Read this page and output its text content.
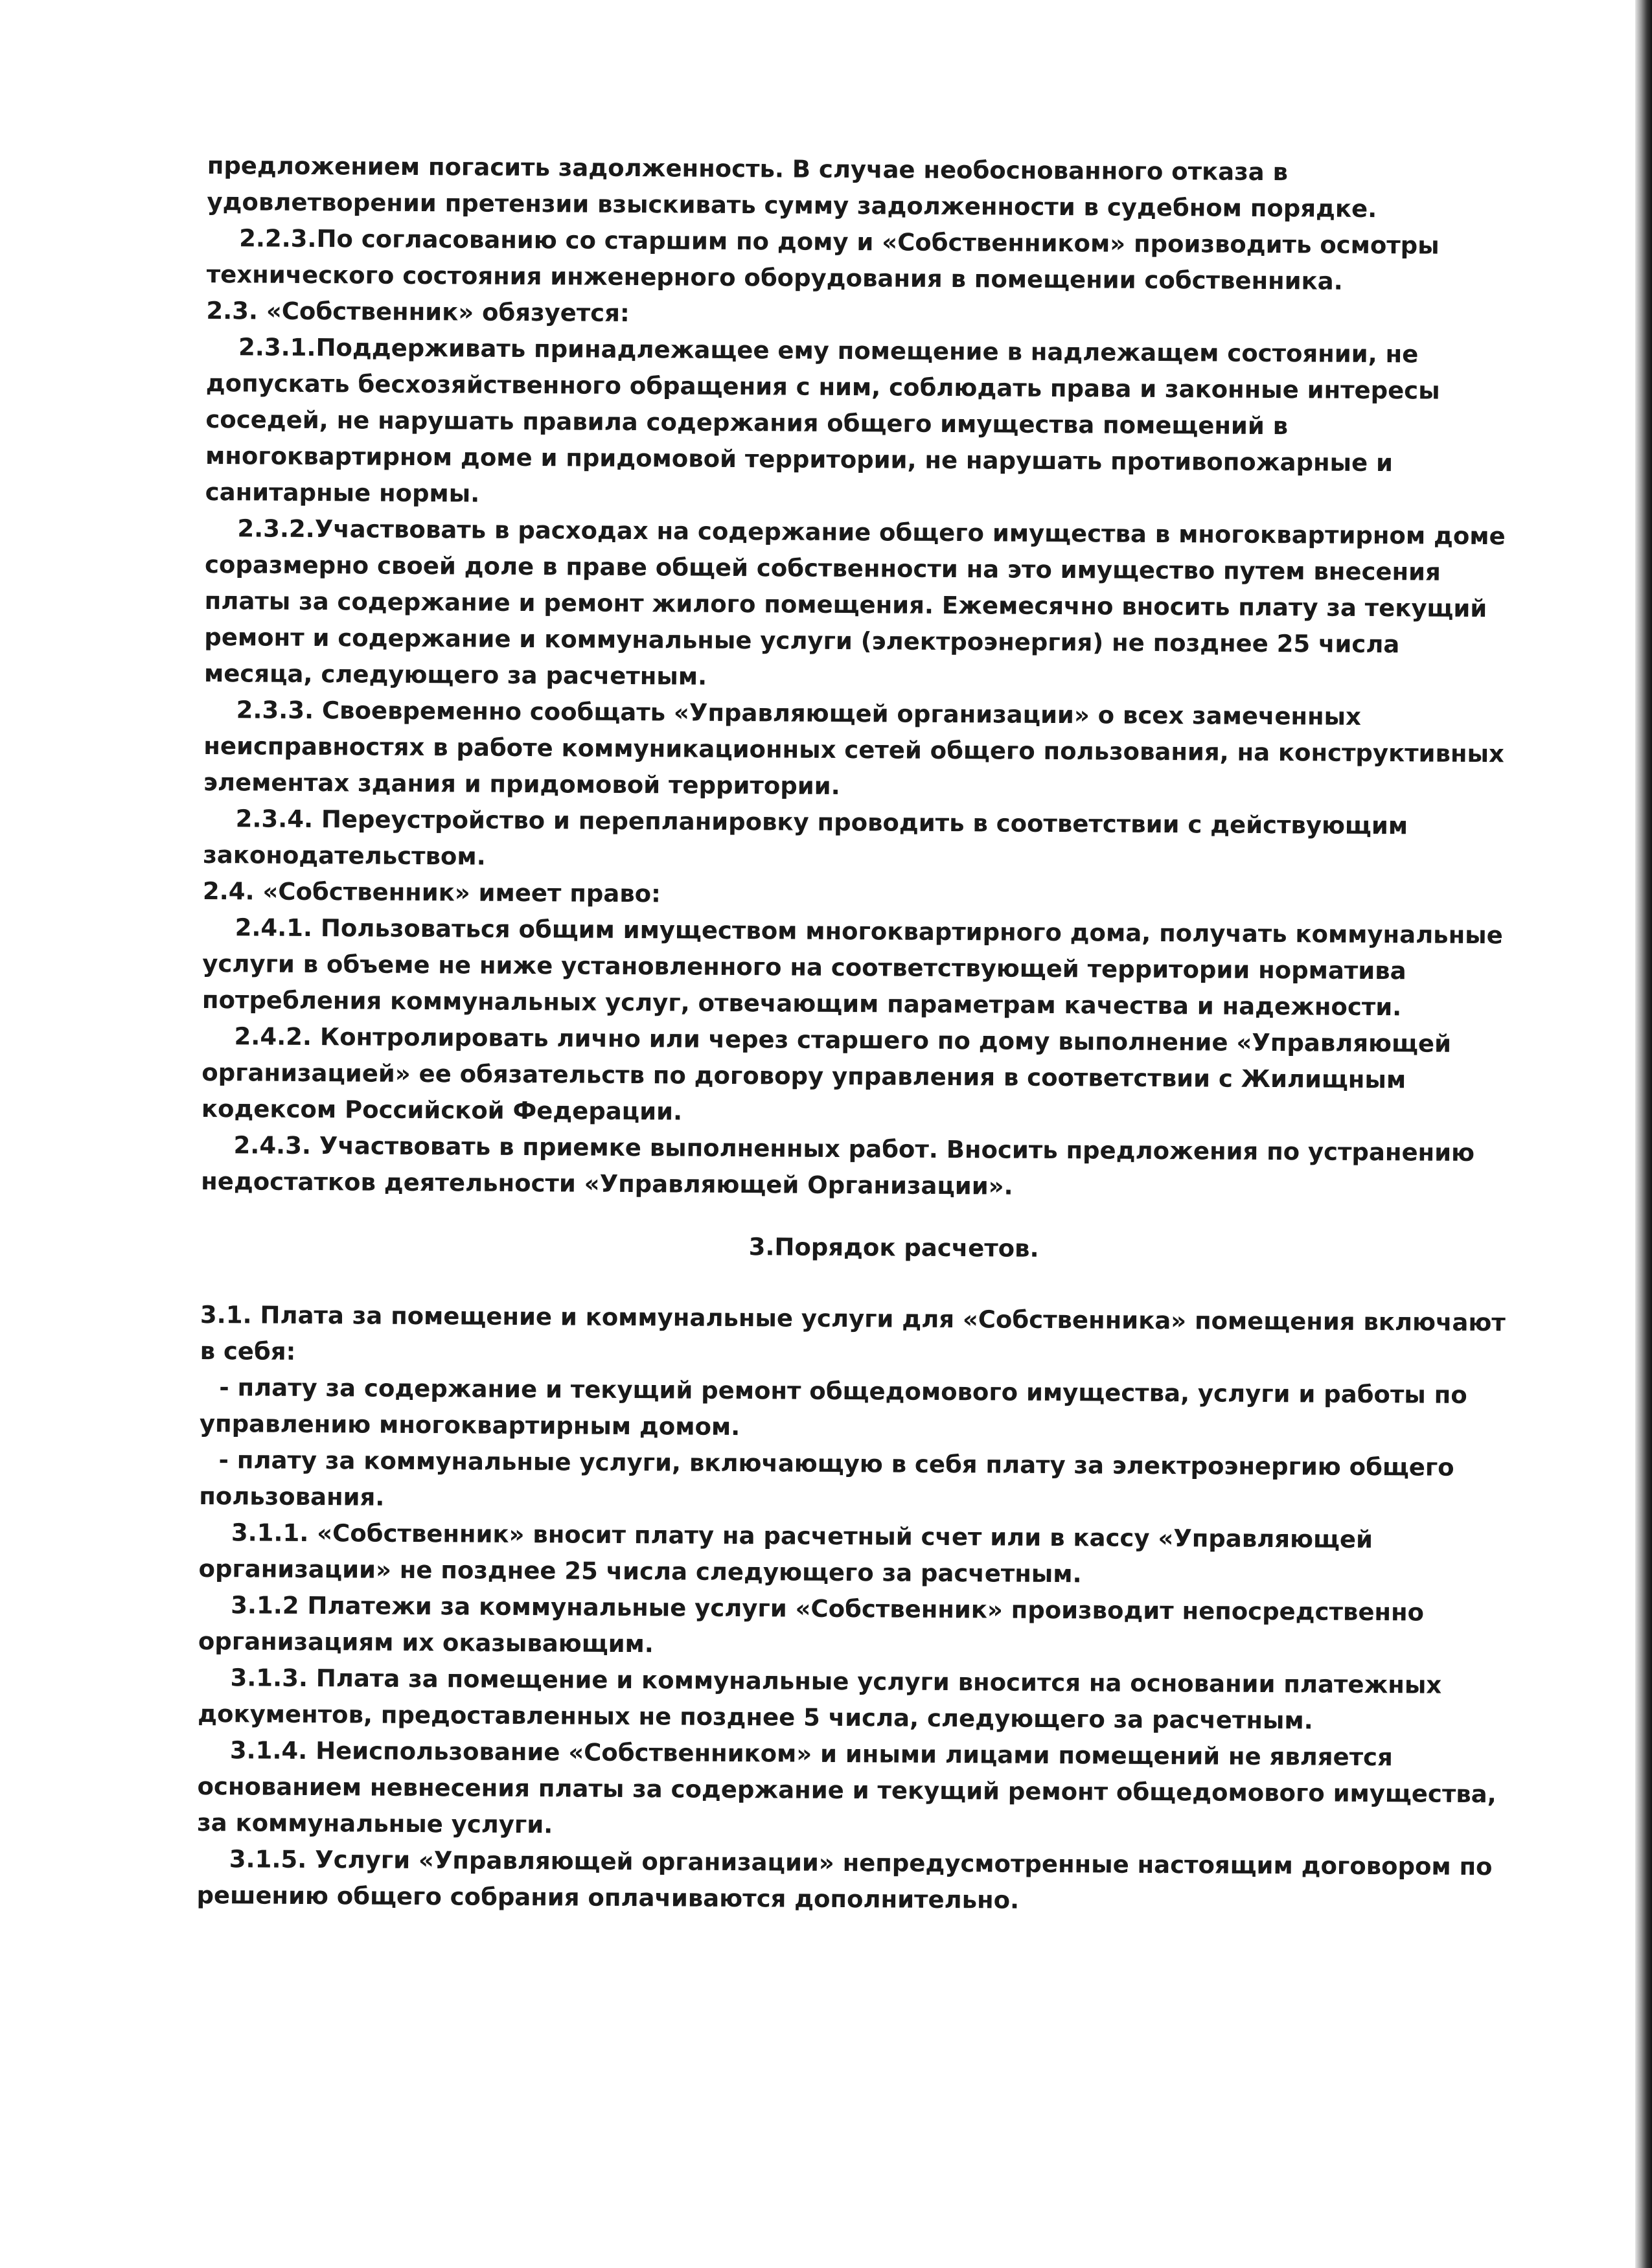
предложением погасить задолженность. В случае необоснованного отказа в удовлетворении претензии взыскивать сумму задолженности в судебном порядке.

2.2.3.По согласованию со старшим по дому и «Собственником» производить осмотры технического состояния инженерного оборудования в помещении собственника.

2.3. «Собственник» обязуется:

2.3.1.Поддерживать принадлежащее ему помещение в надлежащем состоянии, не допускать бесхозяйственного обращения с ним, соблюдать права и законные интересы соседей, не нарушать правила содержания общего имущества помещений в многоквартирном доме и придомовой территории, не нарушать противопожарные и санитарные нормы.

2.3.2.Участвовать в расходах на содержание общего имущества в многоквартирном доме соразмерно своей доле в праве общей собственности на это имущество путем внесения платы за содержание и ремонт жилого помещения. Ежемесячно вносить плату за текущий ремонт и содержание и коммунальные услуги (электроэнергия) не позднее 25 числа месяца, следующего за расчетным.

2.3.3. Своевременно сообщать «Управляющей организации» о всех замеченных неисправностях в работе коммуникационных сетей общего пользования, на конструктивных элементах здания и придомовой территории.

2.3.4. Переустройство и перепланировку проводить в соответствии с действующим законодательством.

2.4. «Собственник» имеет право:

2.4.1. Пользоваться общим имуществом многоквартирного дома, получать коммунальные услуги в объеме не ниже установленного на соответствующей территории норматива потребления коммунальных услуг, отвечающим параметрам качества и надежности.

2.4.2. Контролировать лично или через старшего по дому выполнение «Управляющей организацией» ее обязательств по договору управления в соответствии с Жилищным кодексом Российской Федерации.

2.4.3. Участвовать в приемке выполненных работ. Вносить предложения по устранению недостатков деятельности «Управляющей Организации».

3.Порядок расчетов.

3.1. Плата за помещение и коммунальные услуги для «Собственника» помещения включают в себя:

- плату за содержание и текущий ремонт общедомового имущества, услуги и работы по управлению многоквартирным домом.

- плату за коммунальные услуги, включающую в себя плату за электроэнергию общего пользования.

3.1.1. «Собственник» вносит плату на расчетный счет или в кассу «Управляющей организации» не позднее 25 числа следующего за расчетным.

3.1.2 Платежи за коммунальные услуги «Собственник» производит непосредственно организациям их оказывающим.

3.1.3. Плата за помещение и коммунальные услуги вносится на основании платежных документов, предоставленных не позднее 5 числа, следующего за расчетным.

3.1.4. Неиспользование «Собственником» и иными лицами помещений не является основанием невнесения платы за содержание и текущий ремонт общедомового имущества, за коммунальные услуги.

3.1.5. Услуги «Управляющей организации» непредусмотренные настоящим договором по решению общего собрания оплачиваются дополнительно.
